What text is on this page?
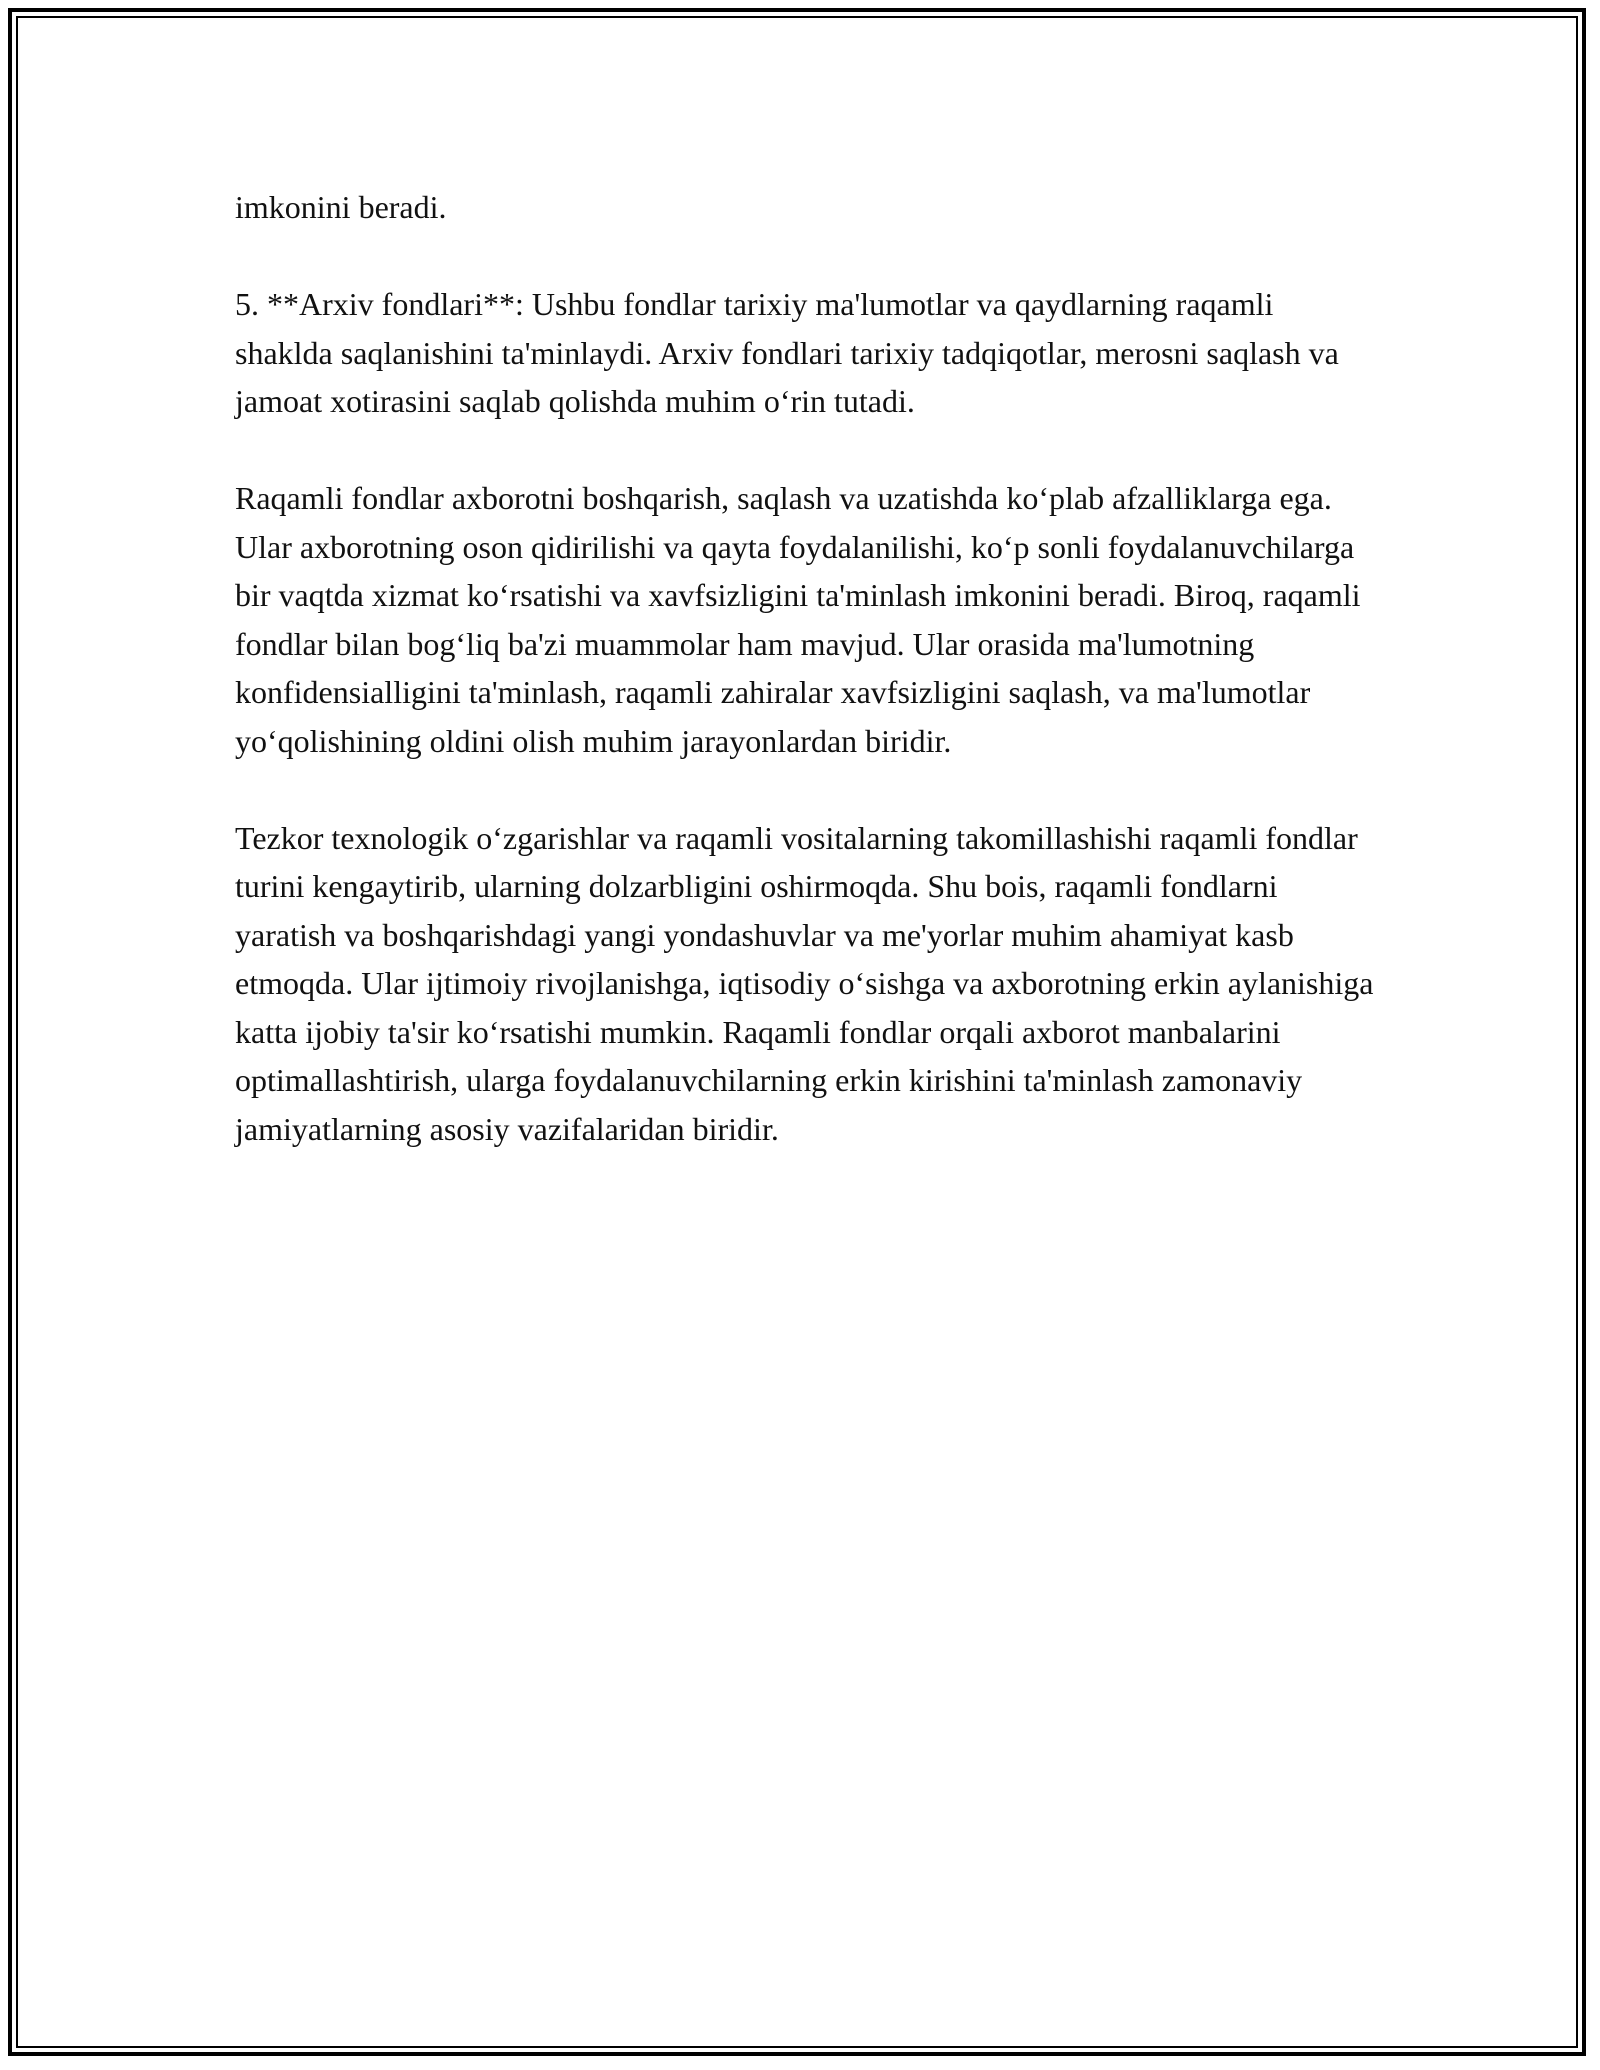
imkonini beradi.

5. **Arxiv fondlari**: Ushbu fondlar tarixiy ma'lumotlar va qaydlarning raqamli shaklda saqlanishini ta'minlaydi. Arxiv fondlari tarixiy tadqiqotlar, merosni saqlash va jamoat xotirasini saqlab qolishda muhim o‘rin tutadi.

Raqamli fondlar axborotni boshqarish, saqlash va uzatishda ko‘plab afzalliklarga ega. Ular axborotning oson qidirilishi va qayta foydalanilishi, ko‘p sonli foydalanuvchilarga bir vaqtda xizmat ko‘rsatishi va xavfsizligini ta'minlash imkonini beradi. Biroq, raqamli fondlar bilan bog‘liq ba'zi muammolar ham mavjud. Ular orasida ma'lumotning konfidensialligini ta'minlash, raqamli zahiralar xavfsizligini saqlash, va ma'lumotlar yo‘qolishining oldini olish muhim jarayonlardan biridir.

Tezkor texnologik o‘zgarishlar va raqamli vositalarning takomillashishi raqamli fondlar turini kengaytirib, ularning dolzarbligini oshirmoqda. Shu bois, raqamli fondlarni yaratish va boshqarishdagi yangi yondashuvlar va me'yorlar muhim ahamiyat kasb etmoqda. Ular ijtimoiy rivojlanishga, iqtisodiy o‘sishga va axborotning erkin aylanishiga katta ijobiy ta'sir ko‘rsatishi mumkin. Raqamli fondlar orqali axborot manbalarini optimallashtirish, ularga foydalanuvchilarning erkin kirishini ta'minlash zamonaviy jamiyatlarning asosiy vazifalaridan biridir.
